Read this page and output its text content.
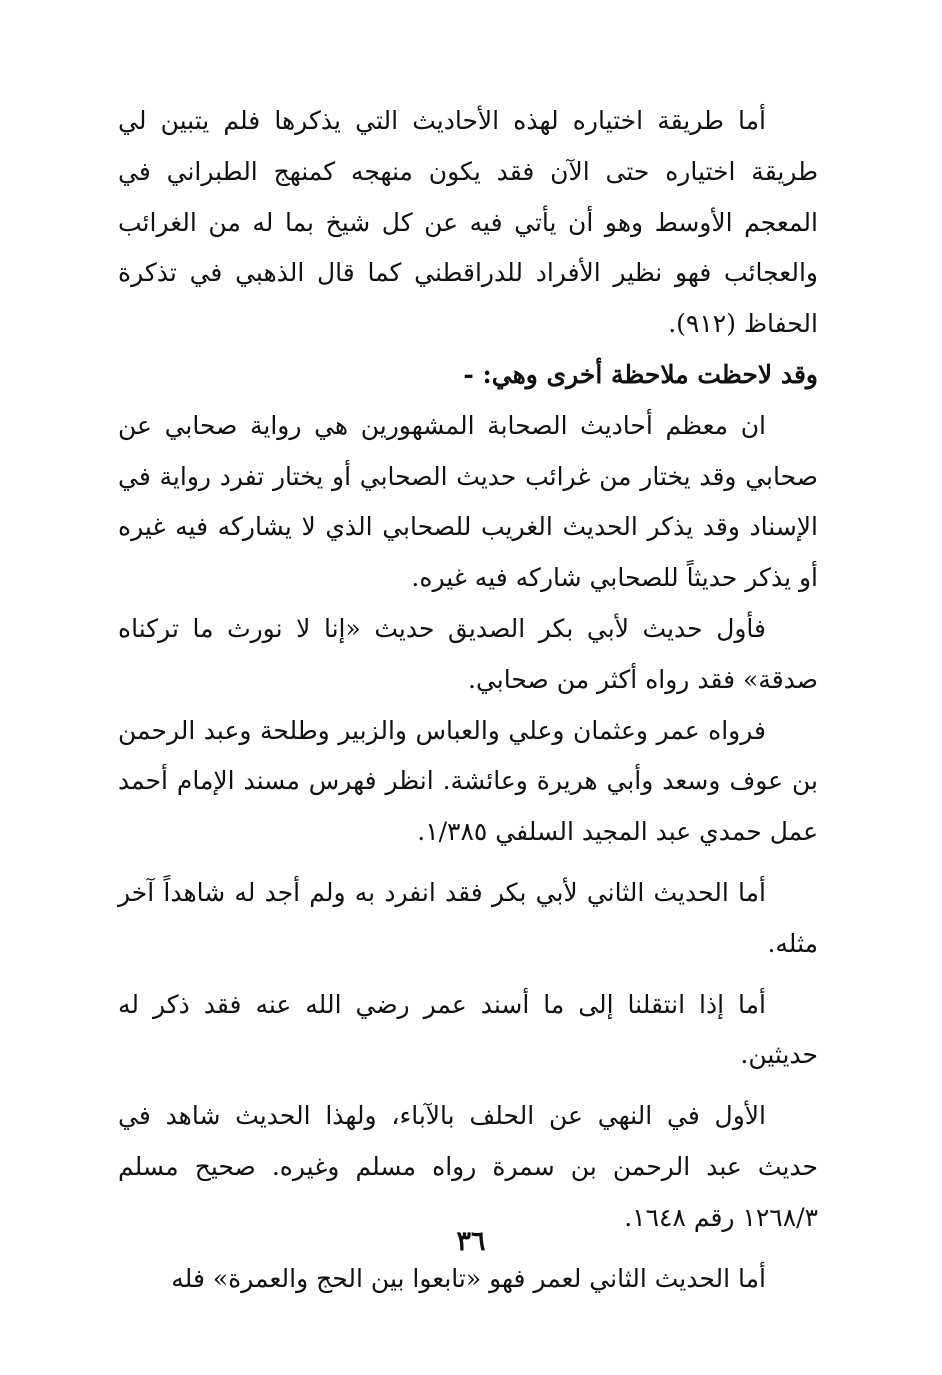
أما طريقة اختياره لهذه الأحاديث التي يذكرها فلم يتبين لي طريقة اختياره حتى الآن فقد يكون منهجه كمنهج الطبراني في المعجم الأوسط وهو أن يأتي فيه عن كل شيخ بما له من الغرائب والعجائب فهو نظير الأفراد للدراقطني كما قال الذهبي في تذكرة الحفاظ (٩١٢).

وقد لاحظت ملاحظة أخرى وهي: -

ان معظم أحاديث الصحابة المشهورين هي رواية صحابي عن صحابي وقد يختار من غرائب حديث الصحابي أو يختار تفرد رواية في الإسناد وقد يذكر الحديث الغريب للصحابي الذي لا يشاركه فيه غيره أو يذكر حديثاً للصحابي شاركه فيه غيره.

فأول حديث لأبي بكر الصديق حديث «إنا لا نورث ما تركناه صدقة» فقد رواه أكثر من صحابي.

فرواه عمر وعثمان وعلي والعباس والزبير وطلحة وعبد الرحمن بن عوف وسعد وأبي هريرة وعائشة. انظر فهرس مسند الإمام أحمد عمل حمدي عبد المجيد السلفي ١/٣٨٥.

أما الحديث الثاني لأبي بكر فقد انفرد به ولم أجد له شاهداً آخر مثله.

أما إذا انتقلنا إلى ما أسند عمر رضي الله عنه فقد ذكر له حديثين.

الأول في النهي عن الحلف بالآباء، ولهذا الحديث شاهد في حديث عبد الرحمن بن سمرة رواه مسلم وغيره. صحيح مسلم ١٢٦٨/٣ رقم ١٦٤٨.

أما الحديث الثاني لعمر فهو «تابعوا بين الحج والعمرة» فله

٣٦
